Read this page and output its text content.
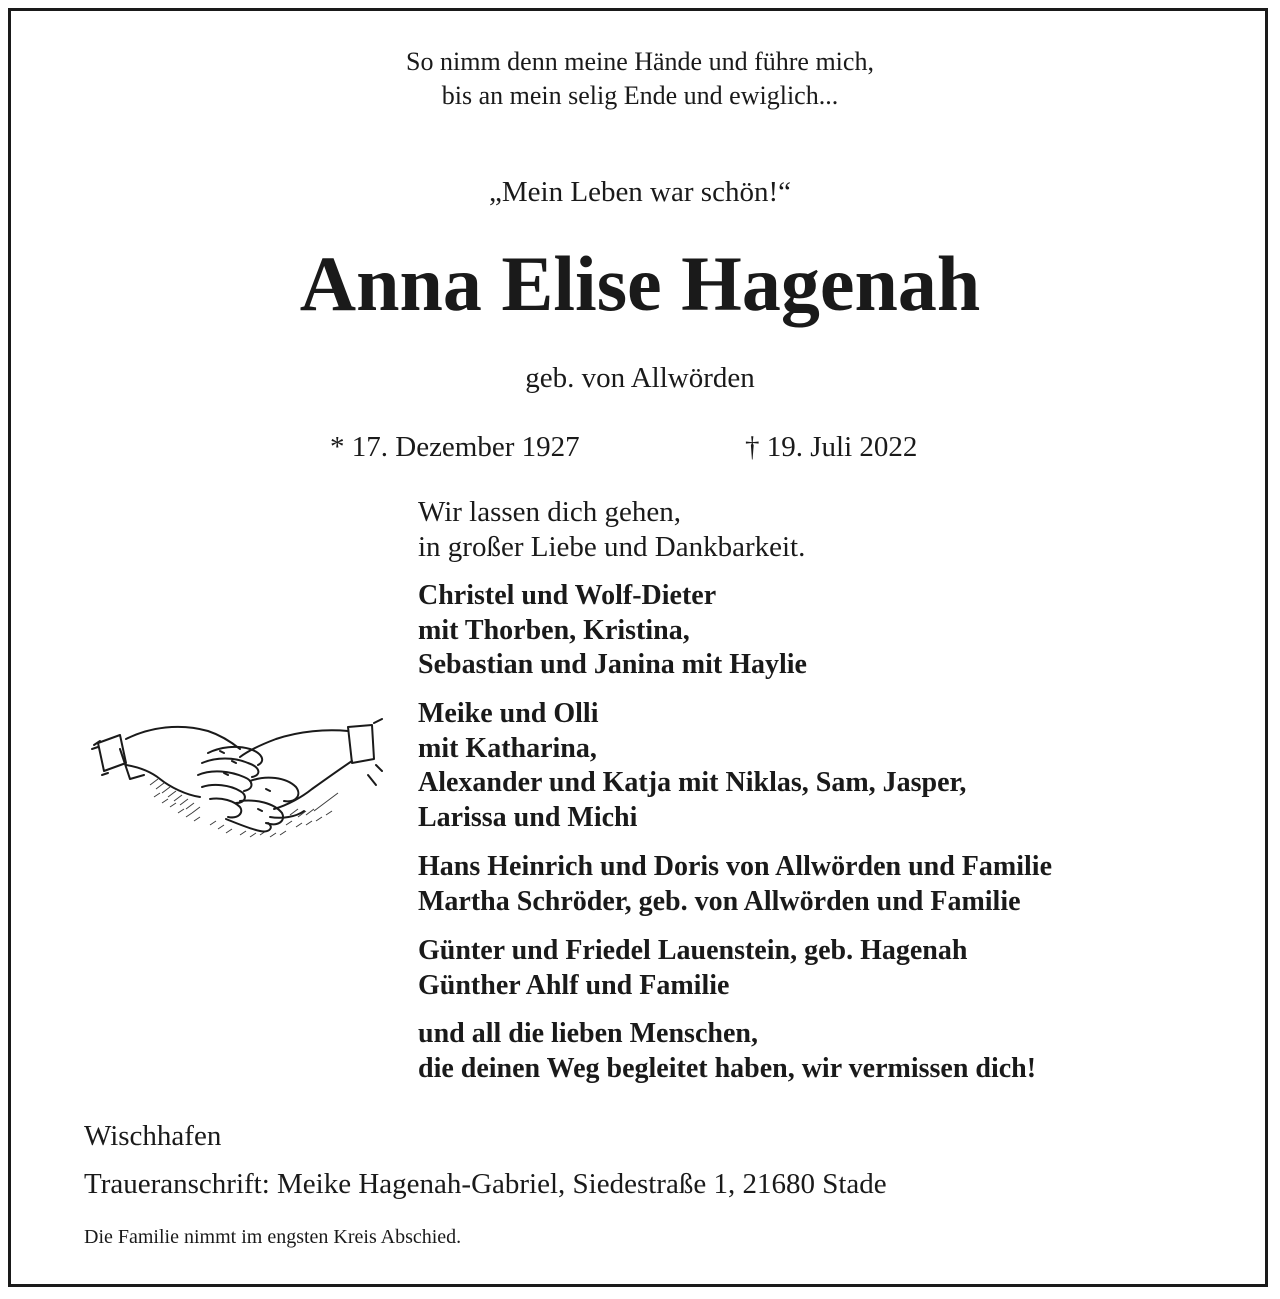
So nimm denn meine Hände und führe mich,
bis an mein selig Ende und ewiglich...
„Mein Leben war schön!“
Anna Elise Hagenah
geb. von Allwörden
* 17. Dezember 1927	† 19. Juli 2022
Wir lassen dich gehen,
in großer Liebe und Dankbarkeit.
Christel und Wolf-Dieter
mit Thorben, Kristina,
Sebastian und Janina mit Haylie
Meike und Olli
mit Katharina,
Alexander und Katja mit Niklas, Sam, Jasper,
Larissa und Michi
Hans Heinrich und Doris von Allwörden und Familie
Martha Schröder, geb. von Allwörden und Familie
Günter und Friedel Lauenstein, geb. Hagenah
Günther Ahlf und Familie
und all die lieben Menschen,
die deinen Weg begleitet haben, wir vermissen dich!
Wischhafen
Traueranschrift: Meike Hagenah-Gabriel, Siedestraße 1, 21680 Stade
Die Familie nimmt im engsten Kreis Abschied.
